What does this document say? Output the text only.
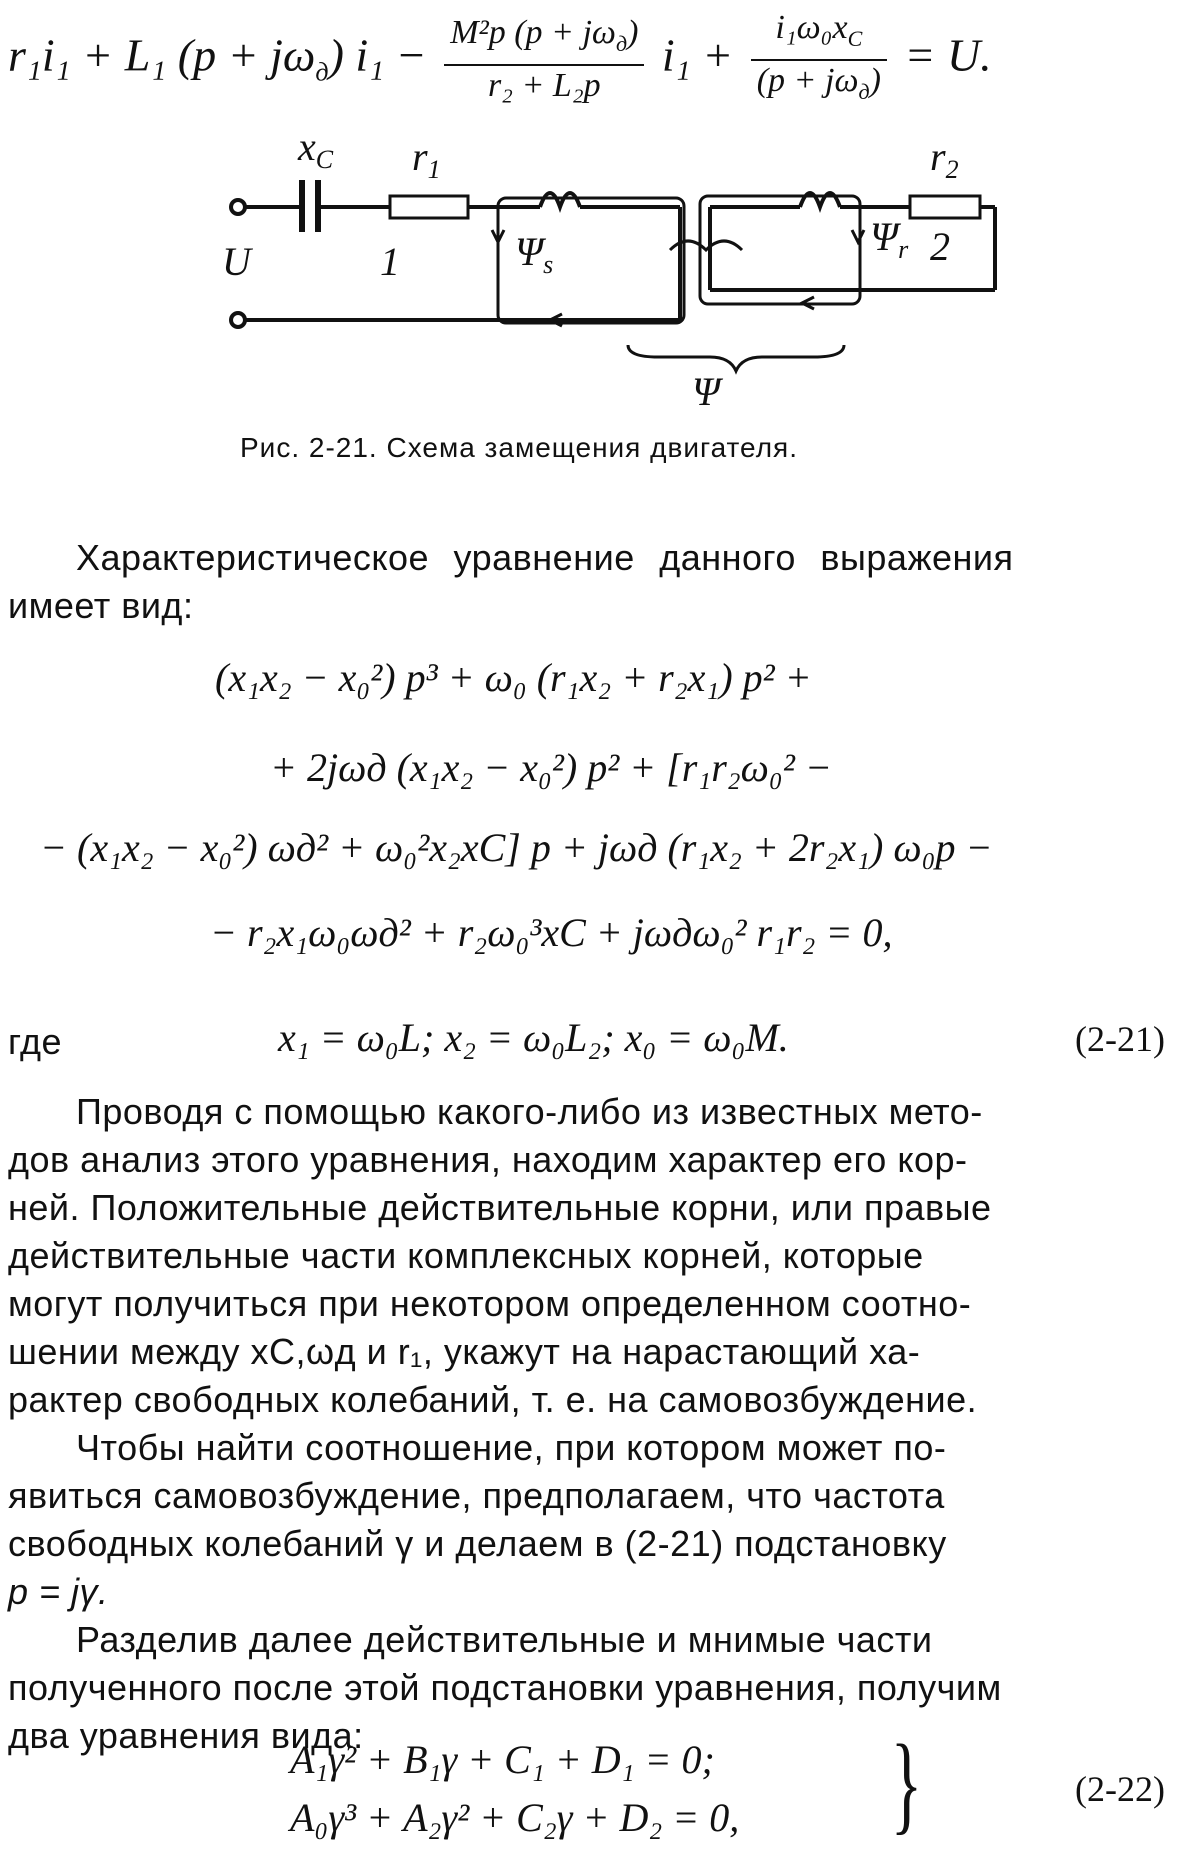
r₁i₁ + L₁ $(p + j\omega_д)$ $i_1 - \frac{M^2p (p + j\omega_д)}{\text{r₂ + L₂p}} i_1 + \frac{i_1\omega_0x_C}{(p + j\omega_д)} = U$.
$x_C$ $r_1$	$r_2$
U	1	2
$\Psi_s$
$\Psi_r$
Ψ
Рис. 2-21. Схема замещения двигателя.
Характеристическое уравнение данного выражения
имеет вид:
(x₁x₂ − x₀²) p³ + ω₀ (r₁x₂ + r₂x₁) p² +
+ 2jωд (x₁x₂ − x₀²) p² + [r₁r₂ω₀² −
− (x₁x₂ − x₀²) ωд² + ω₀²x₂xC] p + jωд (r₁x₂ + 2r₂x₁) ω₀p −
− r₂x₁ω₀ωд² + r₂ω₀³xC + jωдω₀² r₁r₂ = 0,
где	x₁ = ω₀L; x₂ = ω₀L₂; x₀ = ω₀M.	(2-21)
Проводя с помощью какого-либо из известных мето-
дов анализ этого уравнения, находим характер его кор-
ней. Положительные действительные корни, или правые
действительные части комплексных корней, которые
могут получиться при некотором определенном соотно-
шении между xC,ωд и r₁, укажут на нарастающий ха-
рактер свободных колебаний, т. е. на самовозбуждение.
Чтобы найти соотношение, при котором может по-
явиться самовозбуждение, предполагаем, что частота
свободных колебаний γ и делаем в (2-21) подстановку
p = jγ.
Разделив далее действительные и мнимые части
полученного после этой подстановки уравнения, получим
два уравнения вида:
A₁γ² + B₁γ + C₁ + D₁ = 0;
A₀γ³ + A₂γ² + C₂γ + D₂ = 0, }	(2-22)
